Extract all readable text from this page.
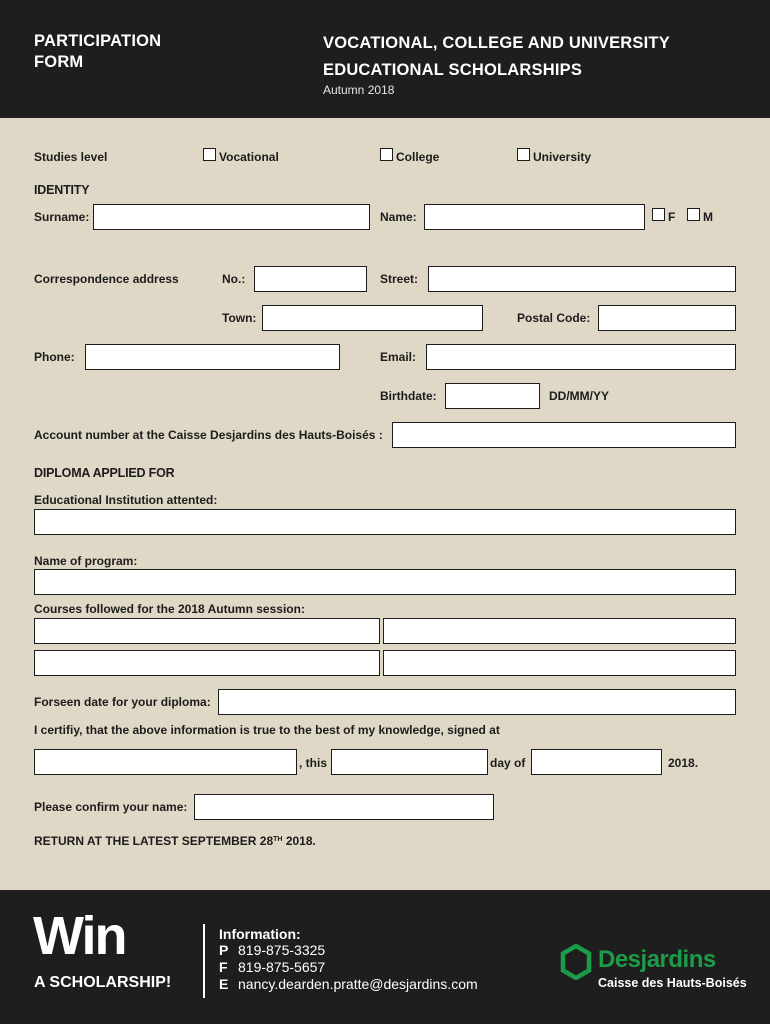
PARTICIPATION
FORM
VOCATIONAL, COLLEGE AND UNIVERSITY
EDUCATIONAL SCHOLARSHIPS
Autumn 2018
Studies level	Vocational	College	University
IDENTITY
Surname:	Name:	F M
Correspondence address	No.:	Street:
Town:	Postal Code:
Phone:	Email:
Birthdate:	DD/MM/YY
Account number at the Caisse Desjardins des Hauts-Boisés :
DIPLOMA APPLIED FOR
Educational Institution attented:
Name of program:
Courses followed for the 2018 Autumn session:
Forseen date for your diploma:
I certifiy, that the above information is true to the best of my knowledge, signed at
, this	day of	2018.
Please confirm your name:
RETURN AT THE LATEST SEPTEMBER 28TH 2018.
Win
A SCHOLARSHIP!
Information:
P 819-875-3325
F 819-875-5657
E nancy.dearden.pratte@desjardins.com
Desjardins
Caisse des Hauts-Boisés
